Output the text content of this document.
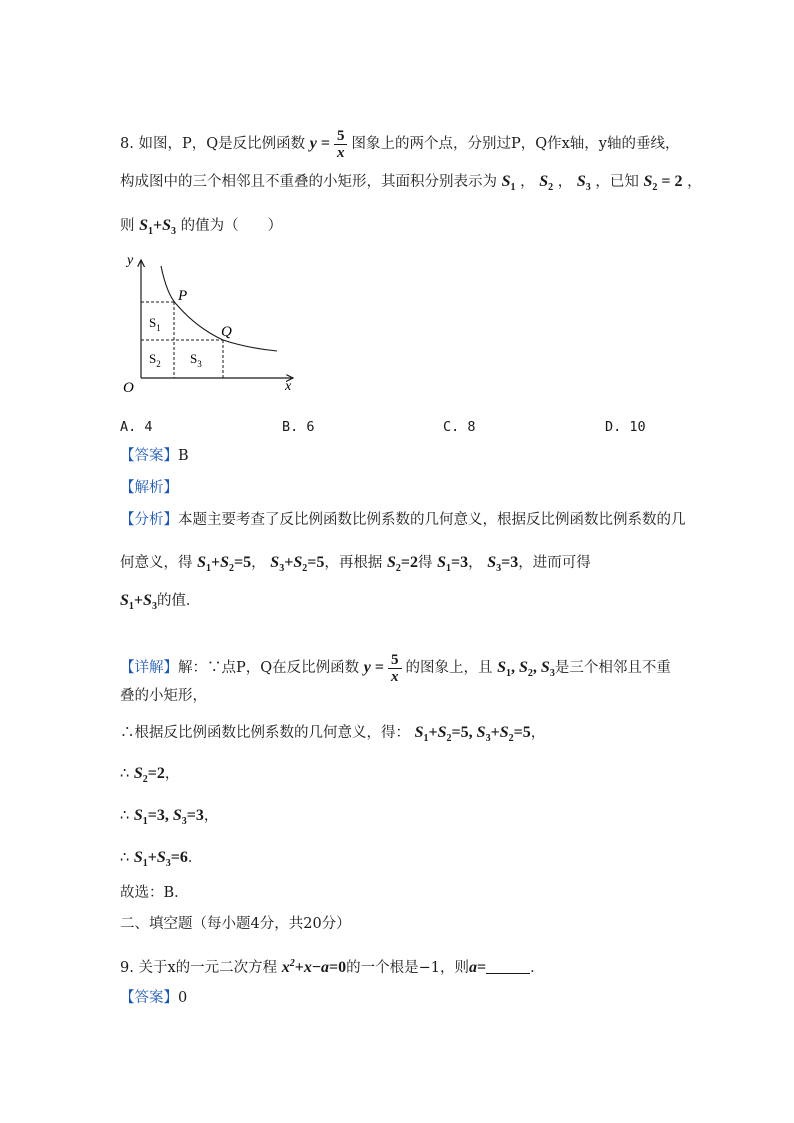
8. 如图，P，Q是反比例函数 $y = \frac{5}{x}$ 图象上的两个点，分别过P，Q作x轴，y轴的垂线，
构成图中的三个相邻且不重叠的小矩形，其面积分别表示为 $S_1$ ， $S_2$ ， $S_3$ ，已知 $S_2 = 2$ ，
则 $S_1+S_3$ 的值为（　　）
y
x
O
P
Q
$S_1$
$S_2$ $S_3$
A. 4	B. 6	C. 8	D. 10
【答案】B
【解析】
【分析】本题主要考查了反比例函数比例系数的几何意义，根据反比例函数比例系数的几
何意义，得 $S_1+S_2=5$， $S_3+S_2=5$，再根据 $S_2=2$得 $S_1=3$， $S_3=3$，进而可得
$S_1+S_3$的值．
【详解】解：∵点P，Q在反比例函数 $y = \frac{5}{x}$ 的图象上，且 $S_1$, $S_2$, $S_3$是三个相邻且不重
叠的小矩形，
∴根据反比例函数比例系数的几何意义，得： $S_1+S_2=5$, $S_3+S_2=5$，
∴ $S_2=2$，
∴ $S_1=3$, $S_3=3$，
∴ $S_1+S_3=6$．
故选：B．
二、填空题（每小题4分，共20分）
9. 关于x的一元二次方程 $x^2+x-a=0$的一个根是−1，则a=	．
【答案】0
